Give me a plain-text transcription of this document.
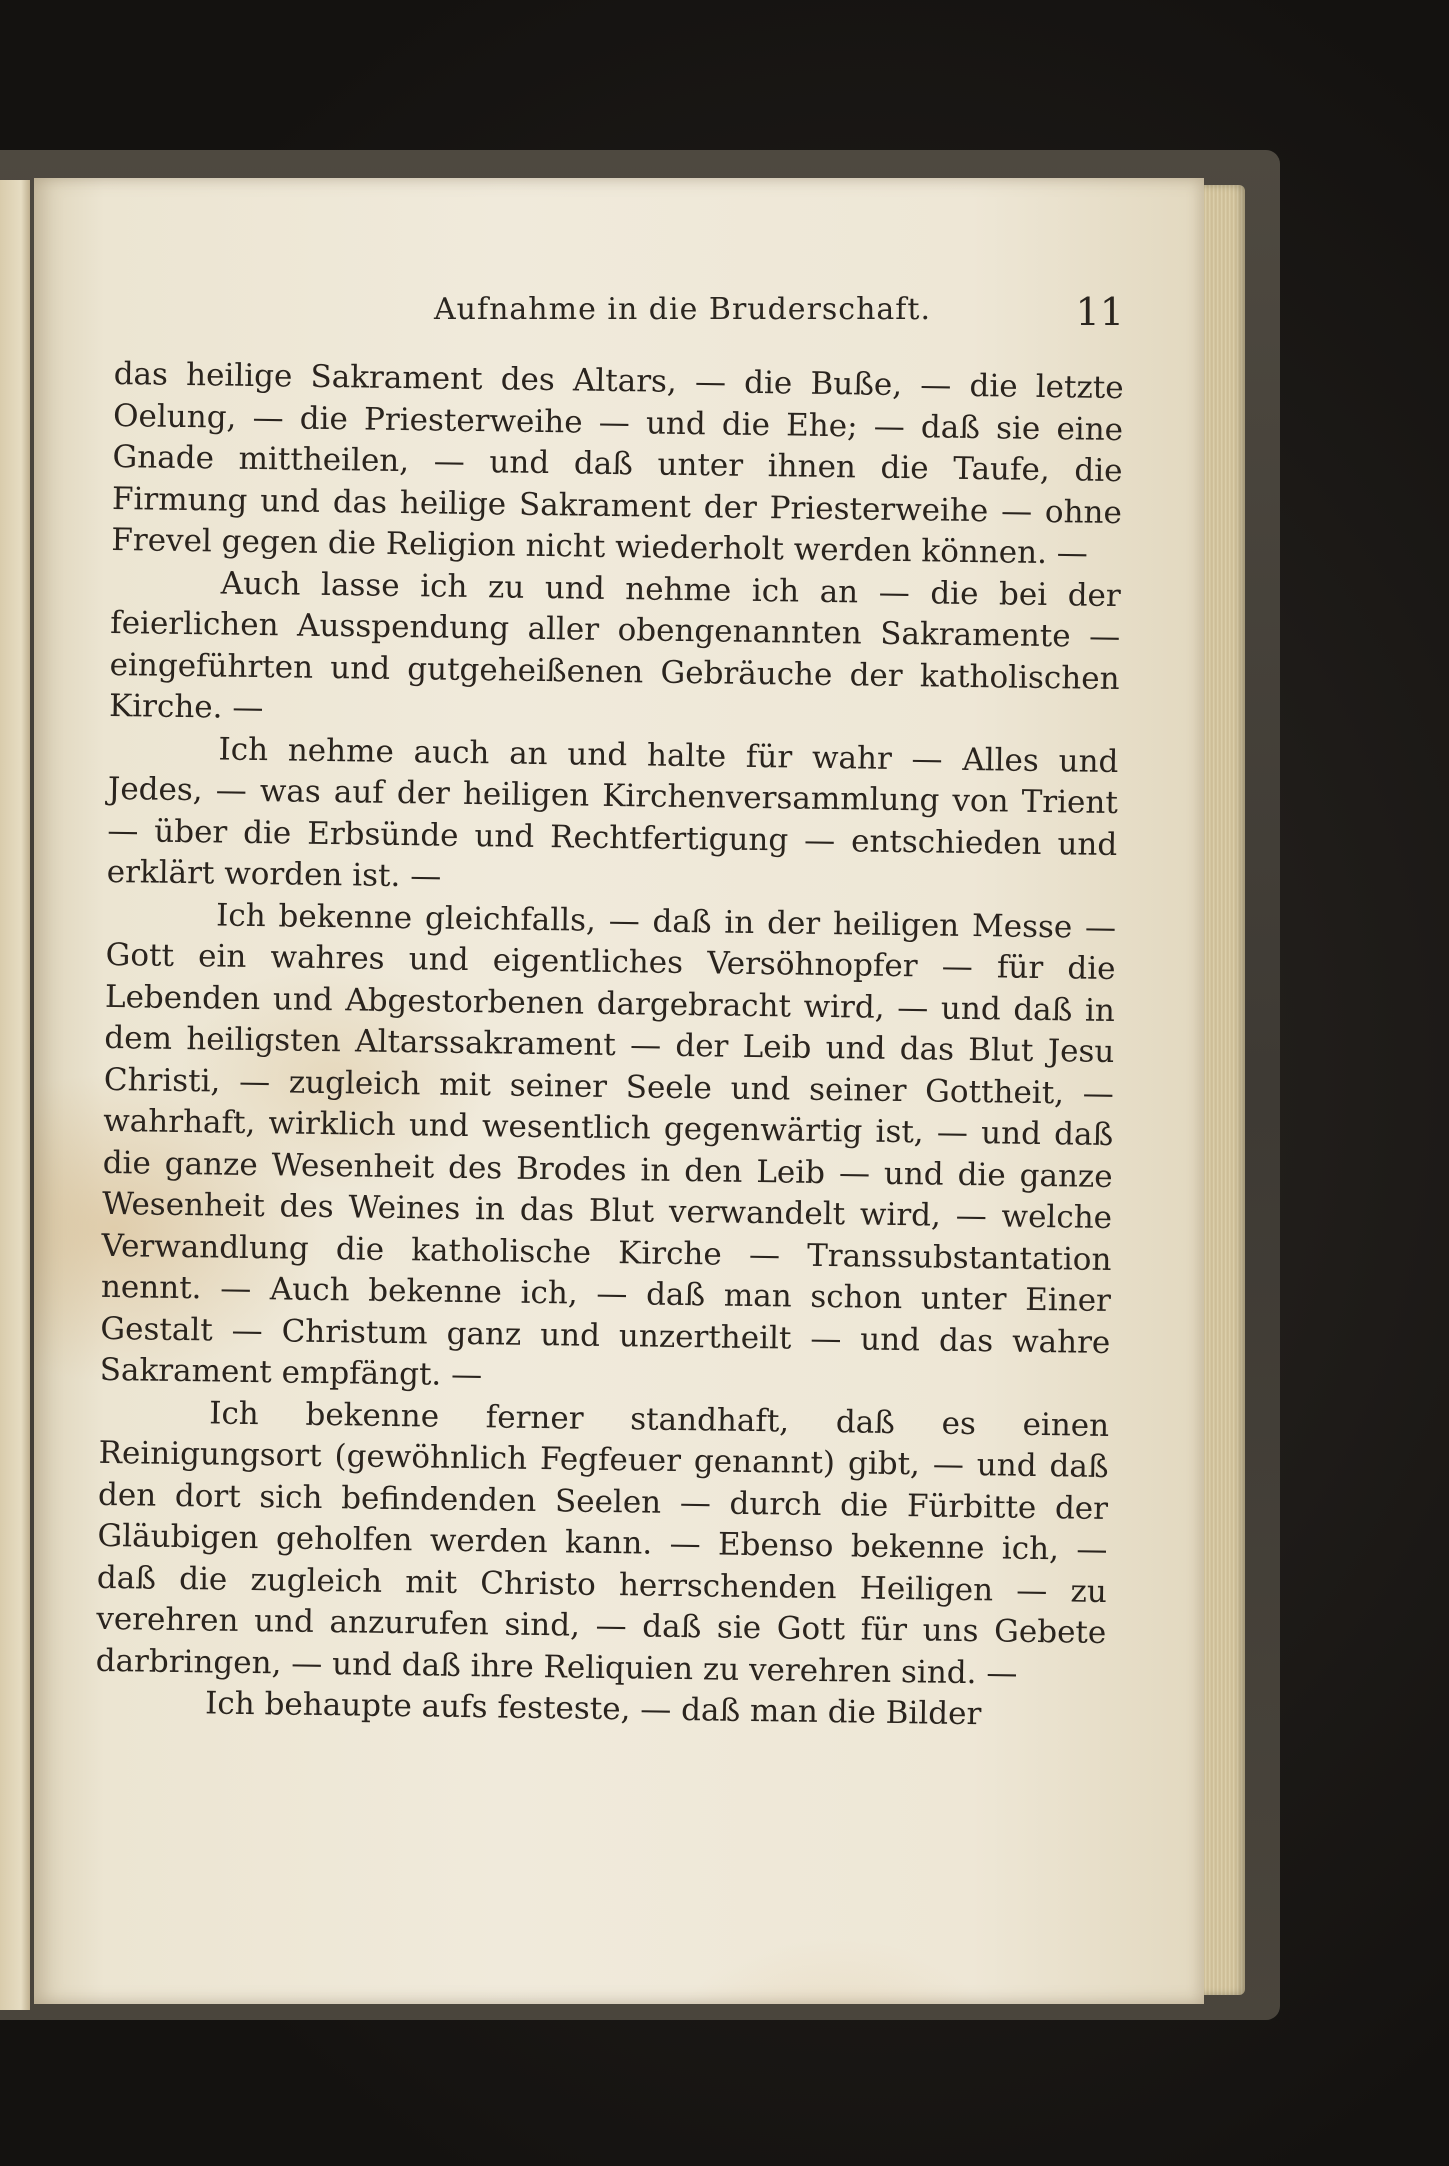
Aufnahme in die Bruderschaft.	11

das heilige Sakrament des Altars, — die Buße, — die letzte Oelung, — die Priesterweihe — und die Ehe; — daß sie eine Gnade mittheilen, — und daß unter ihnen die Taufe, die Firmung und das heilige Sakrament der Priesterweihe — ohne Frevel gegen die Religion nicht wiederholt werden können. —

Auch lasse ich zu und nehme ich an — die bei der feierlichen Ausspendung aller obengenannten Sakramente — eingeführten und gutgeheißenen Gebräuche der katholischen Kirche. —

Ich nehme auch an und halte für wahr — Alles und Jedes, — was auf der heiligen Kirchenversammlung von Trient — über die Erbsünde und Rechtfertigung — entschieden und erklärt worden ist. —

Ich bekenne gleichfalls, — daß in der heiligen Messe — Gott ein wahres und eigentliches Versöhnopfer — für die Lebenden und Abgestorbenen dargebracht wird, — und daß in dem heiligsten Altarssakrament — der Leib und das Blut Jesu Christi, — zugleich mit seiner Seele und seiner Gottheit, — wahrhaft, wirklich und wesentlich gegenwärtig ist, — und daß die ganze Wesenheit des Brodes in den Leib — und die ganze Wesenheit des Weines in das Blut verwandelt wird, — welche Verwandlung die katholische Kirche — Transsubstantation nennt. — Auch bekenne ich, — daß man schon unter Einer Gestalt — Christum ganz und unzertheilt — und das wahre Sakrament empfängt. —

Ich bekenne ferner standhaft, daß es einen Reinigungsort (gewöhnlich Fegfeuer genannt) gibt, — und daß den dort sich befindenden Seelen — durch die Fürbitte der Gläubigen geholfen werden kann. — Ebenso bekenne ich, — daß die zugleich mit Christo herrschenden Heiligen — zu verehren und anzurufen sind, — daß sie Gott für uns Gebete darbringen, — und daß ihre Reliquien zu verehren sind. —

Ich behaupte aufs festeste, — daß man die Bilder
